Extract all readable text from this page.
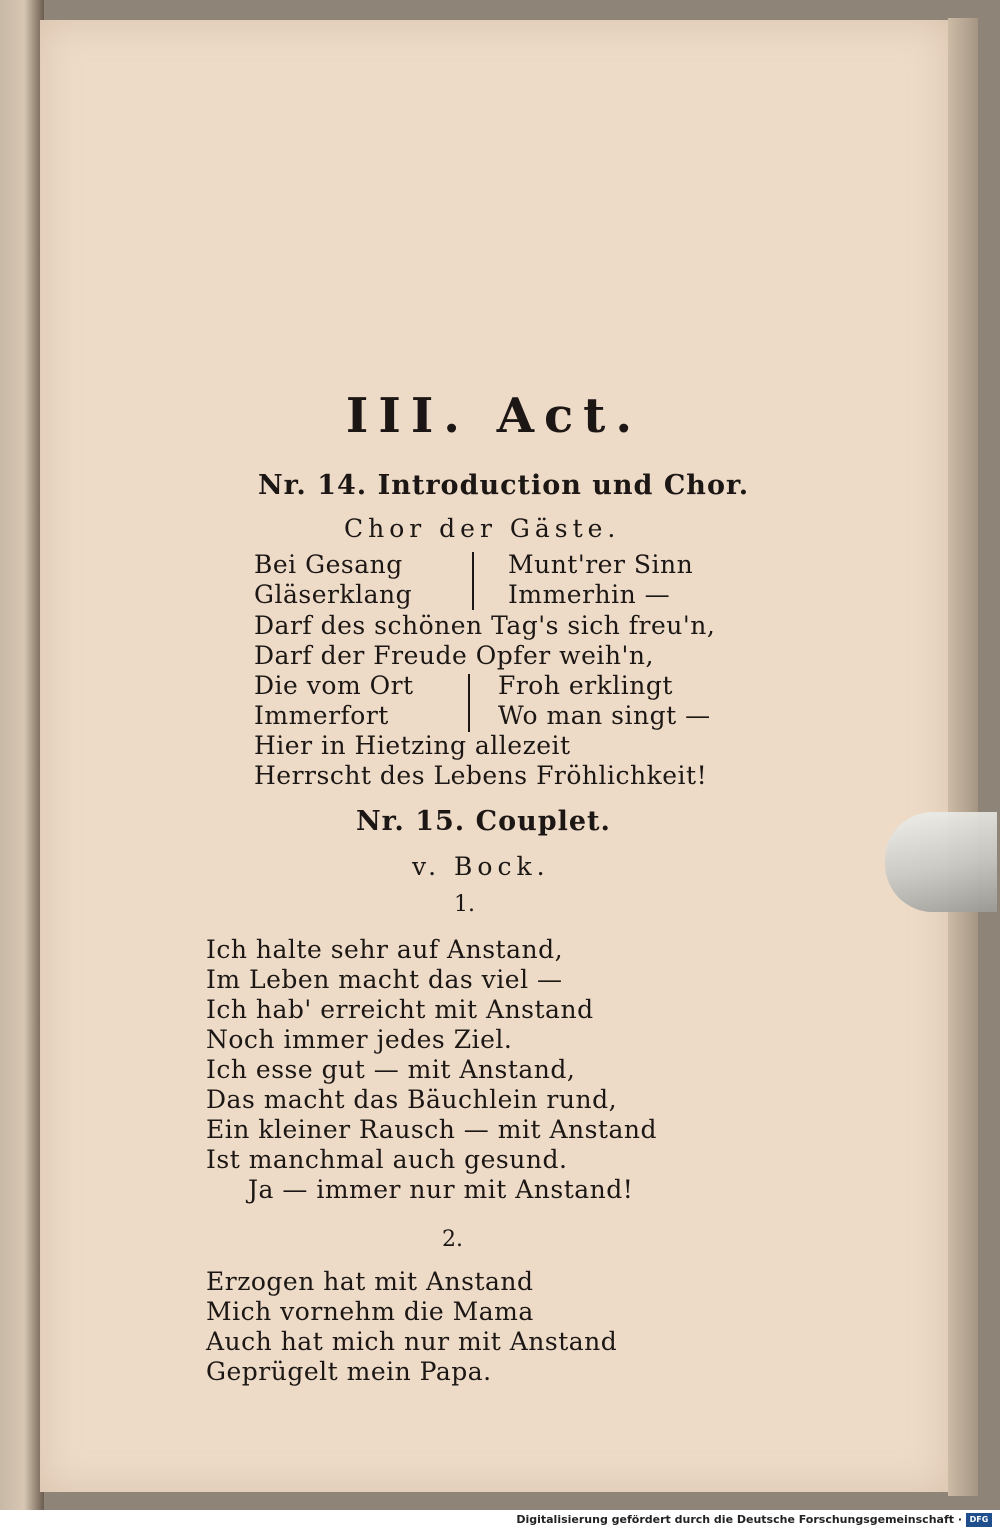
III. Act.
Nr. 14. Introduction und Chor.
Chor der Gäste.
Bei Gesang	Munt'rer Sinn
Gläserklang	Immerhin —
Darf des schönen Tag's sich freu'n,
Darf der Freude Opfer weih'n,
Die vom Ort	Froh erklingt
Immerfort	Wo man singt —
Hier in Hietzing allezeit
Herrscht des Lebens Fröhlichkeit!
Nr. 15. Couplet.
v. Bock.
1.
Ich halte sehr auf Anstand,
Im Leben macht das viel —
Ich hab' erreicht mit Anstand
Noch immer jedes Ziel.
Ich esse gut — mit Anstand,
Das macht das Bäuchlein rund,
Ein kleiner Rausch — mit Anstand
Ist manchmal auch gesund.
Ja — immer nur mit Anstand!
2.
Erzogen hat mit Anstand
Mich vornehm die Mama
Auch hat mich nur mit Anstand
Geprügelt mein Papa.
Digitalisierung gefördert durch die Deutsche Forschungsgemeinschaft · DFG
